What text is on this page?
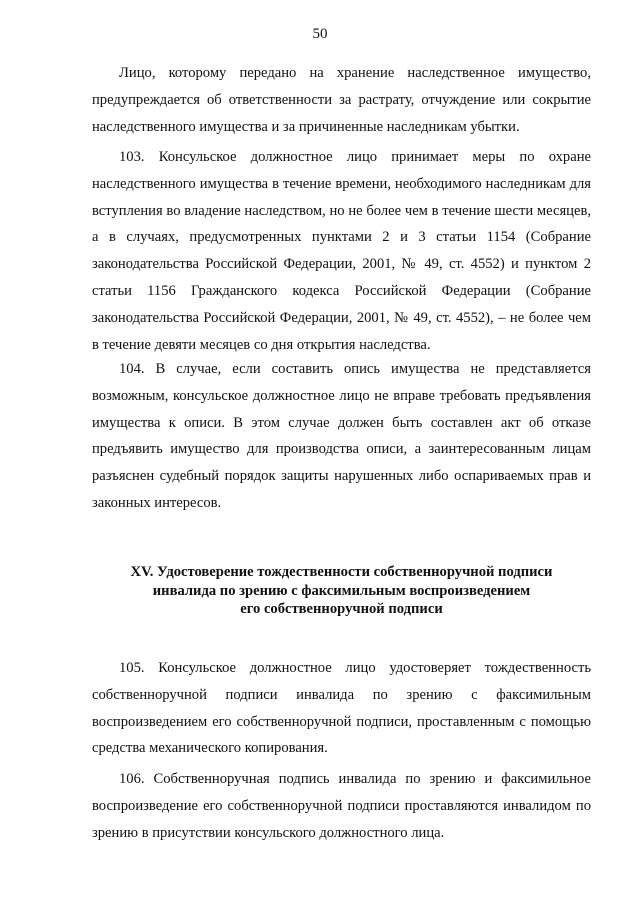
50

Лицо, которому передано на хранение наследственное имущество, предупреждается об ответственности за растрату, отчуждение или сокрытие наследственного имущества и за причиненные наследникам убытки.

103. Консульское должностное лицо принимает меры по охране наследственного имущества в течение времени, необходимого наследникам для вступления во владение наследством, но не более чем в течение шести месяцев, а в случаях, предусмотренных пунктами 2 и 3 статьи 1154 (Собрание законодательства Российской Федерации, 2001, № 49, ст. 4552) и пунктом 2 статьи 1156 Гражданского кодекса Российской Федерации (Собрание законодательства Российской Федерации, 2001, № 49, ст. 4552), – не более чем в течение девяти месяцев со дня открытия наследства.

104. В случае, если составить опись имущества не представляется возможным, консульское должностное лицо не вправе требовать предъявления имущества к описи. В этом случае должен быть составлен акт об отказе предъявить имущество для производства описи, а заинтересованным лицам разъяснен судебный порядок защиты нарушенных либо оспариваемых прав и законных интересов.

XV. Удостоверение тождественности собственноручной подписи
инвалида по зрению с факсимильным воспроизведением
его собственноручной подписи

105. Консульское должностное лицо удостоверяет тождественность собственноручной подписи инвалида по зрению с факсимильным воспроизведением его собственноручной подписи, проставленным с помощью средства механического копирования.

106. Собственноручная подпись инвалида по зрению и факсимильное воспроизведение его собственноручной подписи проставляются инвалидом по зрению в присутствии консульского должностного лица.
